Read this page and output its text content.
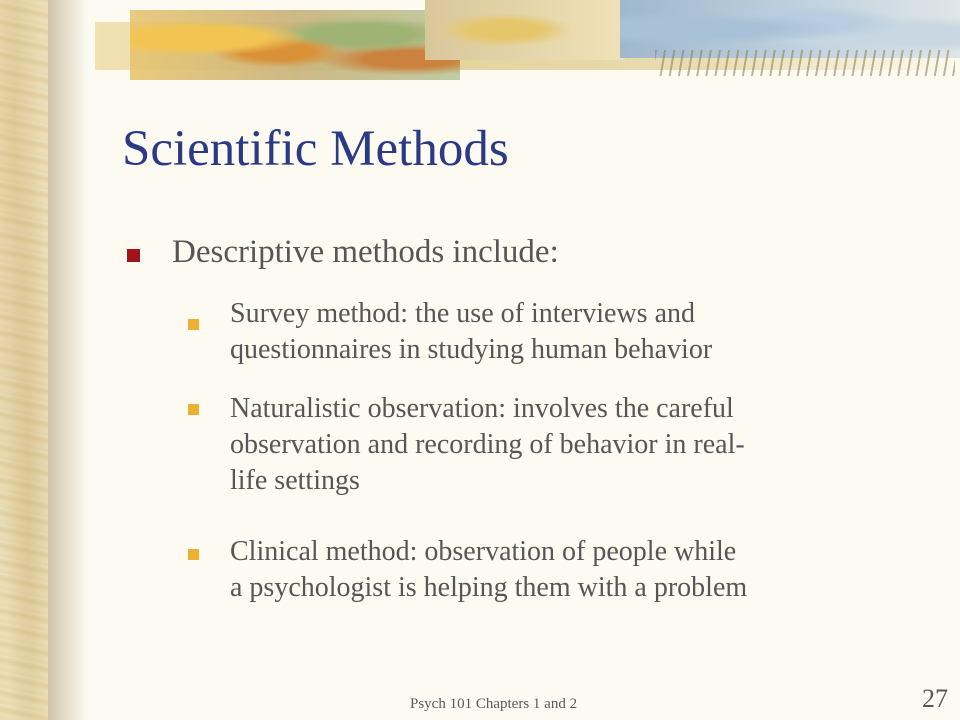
Scientific Methods
Descriptive methods include:
Survey method: the use of interviews and
questionnaires in studying human behavior
Naturalistic observation: involves the careful
observation and recording of behavior in real-
life settings
Clinical method: observation of people while
a psychologist is helping them with a problem
Psych 101 Chapters 1 and 2	27
